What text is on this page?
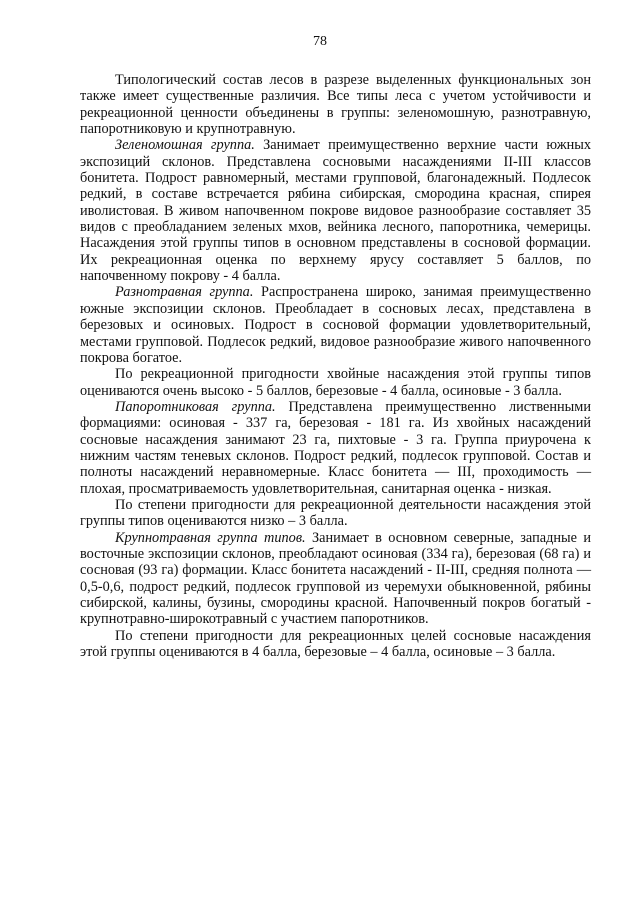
78

Типологический состав лесов в разрезе выделенных функциональных зон также имеет существенные различия. Все типы леса с учетом устойчивости и рекреационной ценности объединены в группы: зеленомошную, разнотравную, папоротниковую и крупнотравную.

Зеленомошная группа. Занимает преимущественно верхние части южных экспозиций склонов. Представлена сосновыми насаждениями II-III классов бонитета. Подрост равномерный, местами групповой, благонадежный. Подлесок редкий, в составе встречается рябина сибирская, смородина красная, спирея иволистовая. В живом напочвенном покрове видовое разнообразие составляет 35 видов с преобладанием зеленых мхов, вейника лесного, папоротника, чемерицы. Насаждения этой группы типов в основном представлены в сосновой формации. Их рекреационная оценка по верхнему ярусу составляет 5 баллов, по напочвенному покрову - 4 балла.

Разнотравная группа. Распространена широко, занимая преимущественно южные экспозиции склонов. Преобладает в сосновых лесах, представлена в березовых и осиновых. Подрост в сосновой формации удовлетворительный, местами групповой. Подлесок редкий, видовое разнообразие живого напочвенного покрова богатое.

По рекреационной пригодности хвойные насаждения этой группы типов оцениваются очень высоко - 5 баллов, березовые - 4 балла, осиновые - 3 балла.

Папоротниковая группа. Представлена преимущественно лиственными формациями: осиновая - 337 га, березовая - 181 га. Из хвойных насаждений сосновые насаждения занимают 23 га, пихтовые - 3 га. Группа приурочена к нижним частям теневых склонов. Подрост редкий, подлесок групповой. Состав и полноты насаждений неравномерные. Класс бонитета — III, проходимость — плохая, просматриваемость удовлетворительная, санитарная оценка - низкая.

По степени пригодности для рекреационной деятельности насаждения этой группы типов оцениваются низко – 3 балла.

Крупнотравная группа типов. Занимает в основном северные, западные и восточные экспозиции склонов, преобладают осиновая (334 га), березовая (68 га) и сосновая (93 га) формации. Класс бонитета насаждений - II-III, средняя полнота — 0,5-0,6, подрост редкий, подлесок групповой из черемухи обыкновенной, рябины сибирской, калины, бузины, смородины красной. Напочвенный покров богатый - крупнотравно-широкотравный с участием папоротников.

По степени пригодности для рекреационных целей сосновые насаждения этой группы оцениваются в 4 балла, березовые – 4 балла, осиновые – 3 балла.
